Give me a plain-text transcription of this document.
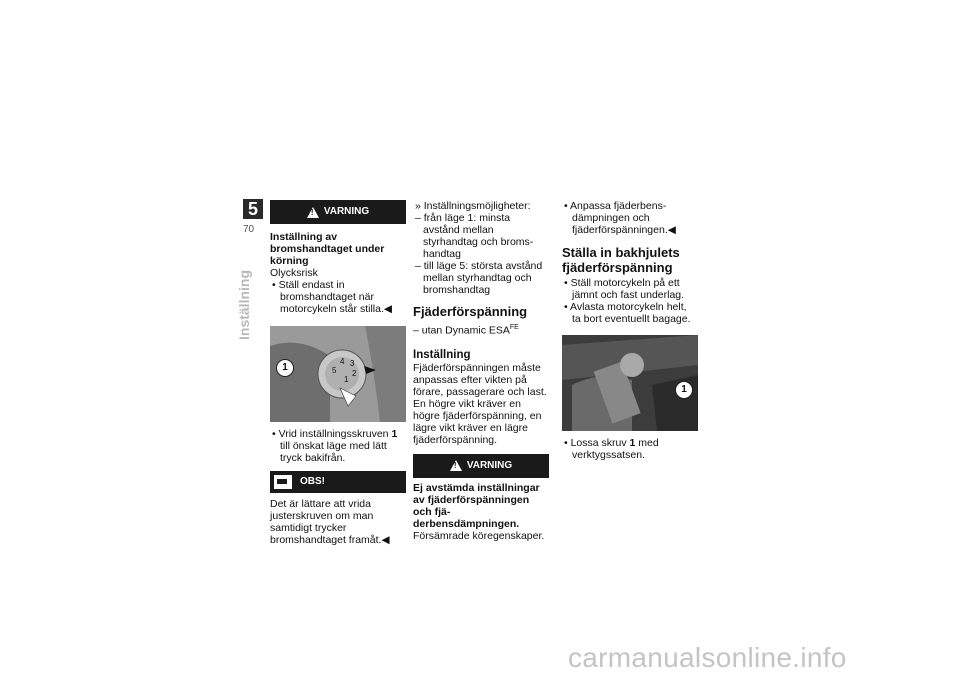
5
70
Inställning
!
VARNING

Inställning av bromshandtaget under körning

Olycksrisk

• Ställ endast in bromshandtaget när motorcykeln står stilla.◀

5
4 3
2
1
1

• Vrid inställningsskruven 1 till önskat läge med lätt tryck bakifrån.

OBS!

Det är lättare att vrida justerskruven om man samtidigt trycker bromshandtaget framåt.◀

» Inställningsmöjligheter:

– från läge 1: minsta avstånd mellan styrhandtag och bromshandtag

– till läge 5: största avstånd mellan styrhandtag och bromshandtag

Fjäderförspänning

– utan Dynamic $ESA^{FE}$

Inställning

Fjäderförspänningen måste anpassas efter vikten på förare, passagerare och last. En högre vikt kräver en högre fjäderförspänning, en lägre vikt kräver en lägre fjäderförspänning.

!
VARNING

Ej avstämda inställningar av fjäderförspänningen och fjäderbensdämpningen.

Försämrade köregenskaper.

• Anpassa fjäderbensdämpningen och fjäderförspänningen.◀

Ställa in bakhjulets fjäderförspänning

• Ställ motorcykeln på ett jämnt och fast underlag.

• Avlasta motorcykeln helt, ta bort eventuellt bagage.

1

• Lossa skruv 1 med verktygssatsen.

carmanualsonline.info
